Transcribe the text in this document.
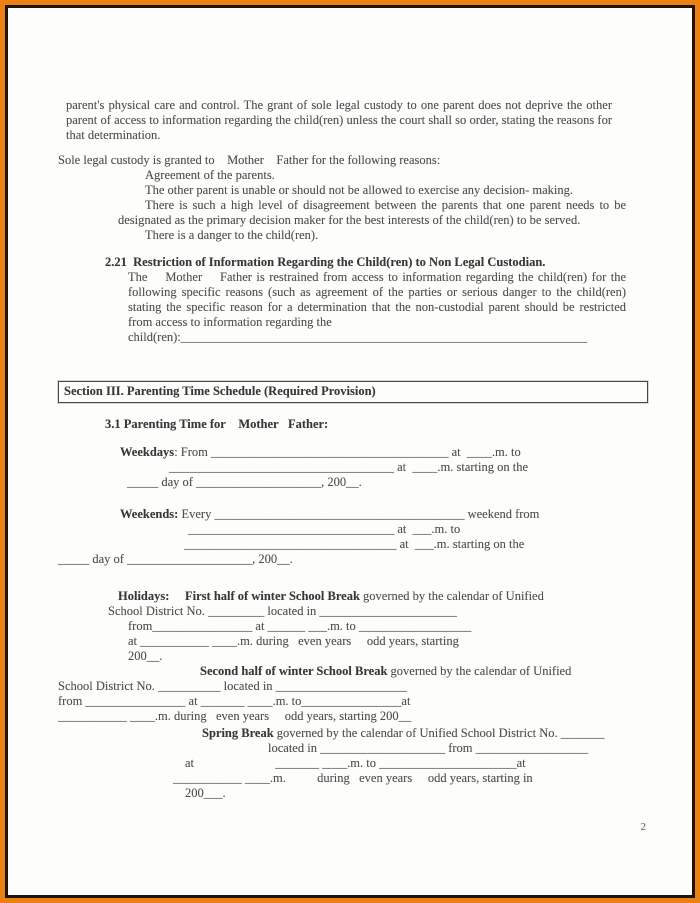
parent's physical care and control. The grant of sole legal custody to one parent does not deprive the other parent of access to information regarding the child(ren) unless the court shall so order, stating the reasons for that determination.
Sole legal custody is granted to    Mother    Father for the following reasons:
Agreement of the parents.
The other parent is unable or should not be allowed to exercise any decision- making.
There is such a high level of disagreement between the parents that one parent needs to be designated as the primary decision maker for the best interests of the child(ren) to be served.
There is a danger to the child(ren).
2.21  Restriction of Information Regarding the Child(ren) to Non Legal Custodian.
The    Mother    Father is restrained from access to information regarding the child(ren) for the following specific reasons (such as agreement of the parties or serious danger to the child(ren) stating the specific reason for a determination that the non-custodial parent should be restricted from access to information regarding the
child(ren):_________________________________________________________________
Section III. Parenting Time Schedule (Required Provision)
3.1 Parenting Time for    Mother   Father:
Weekdays: From ______________________________________ at  ____.m. to
____________________________________ at  ____.m. starting on the
_____ day of ____________________, 200__.
Weekends: Every ________________________________________ weekend from
_________________________________ at  ___.m. to
__________________________________ at  ___.m. starting on the
_____ day of ____________________, 200__.
Holidays:     First half of winter School Break governed by the calendar of Unified
School District No. _________ located in ______________________
from________________ at ______ ___.m. to __________________
at ___________ ____.m. during   even years     odd years, starting
200__.
Second half of winter School Break governed by the calendar of Unified
School District No. __________ located in _____________________
from ________________ at _______ ____.m. to________________at
___________ ____.m. during   even years     odd years, starting 200__
Spring Break governed by the calendar of Unified School District No. _______
located in ____________________ from __________________
at                          _______ ____.m. to ______________________at
___________ ____.m.          during   even years     odd years, starting in
200___.
2
